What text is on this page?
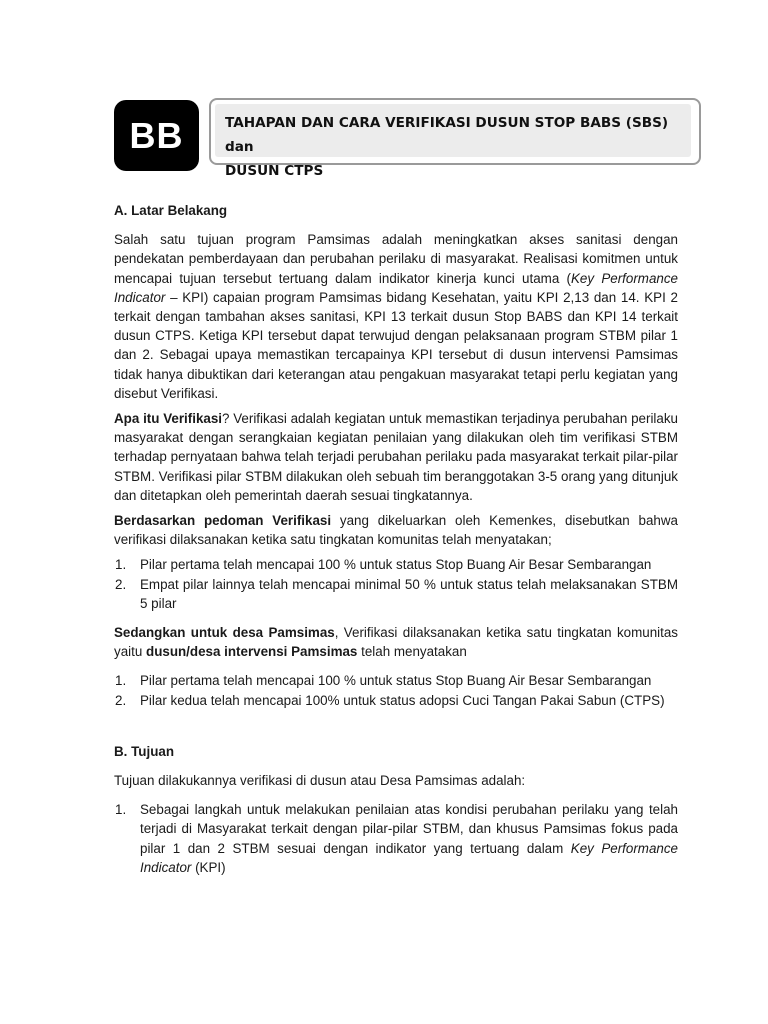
BB	TAHAPAN DAN CARA VERIFIKASI DUSUN STOP BABS (SBS) dan
DUSUN CTPS
A. Latar Belakang

Salah satu tujuan program Pamsimas adalah meningkatkan akses sanitasi dengan pendekatan pemberdayaan dan perubahan perilaku di masyarakat. Realisasi komitmen untuk mencapai tujuan tersebut tertuang dalam indikator kinerja kunci utama (Key Performance Indicator – KPI) capaian program Pamsimas bidang Kesehatan, yaitu KPI 2,13 dan 14. KPI 2 terkait dengan tambahan akses sanitasi, KPI 13 terkait dusun Stop BABS dan KPI 14 terkait dusun CTPS. Ketiga KPI tersebut dapat terwujud dengan pelaksanaan program STBM pilar 1 dan 2. Sebagai upaya memastikan tercapainya KPI tersebut di dusun intervensi Pamsimas tidak hanya dibuktikan dari keterangan atau pengakuan masyarakat tetapi perlu kegiatan yang disebut Verifikasi.

Apa itu Verifikasi? Verifikasi adalah kegiatan untuk memastikan terjadinya perubahan perilaku masyarakat dengan serangkaian kegiatan penilaian yang dilakukan oleh tim verifikasi STBM terhadap pernyataan bahwa telah terjadi perubahan perilaku pada masyarakat terkait pilar-pilar STBM. Verifikasi pilar STBM dilakukan oleh sebuah tim beranggotakan 3-5 orang yang ditunjuk dan ditetapkan oleh pemerintah daerah sesuai tingkatannya.

Berdasarkan pedoman Verifikasi yang dikeluarkan oleh Kemenkes, disebutkan bahwa verifikasi dilaksanakan ketika satu tingkatan komunitas telah menyatakan;

1. Pilar pertama telah mencapai 100 % untuk status Stop Buang Air Besar Sembarangan
2. Empat pilar lainnya telah mencapai minimal 50 % untuk status telah melaksanakan STBM 5 pilar

Sedangkan untuk desa Pamsimas, Verifikasi dilaksanakan ketika satu tingkatan komunitas yaitu dusun/desa intervensi Pamsimas telah menyatakan

1. Pilar pertama telah mencapai 100 % untuk status Stop Buang Air Besar Sembarangan
2. Pilar kedua telah mencapai 100% untuk status adopsi Cuci Tangan Pakai Sabun (CTPS)
B. Tujuan

Tujuan dilakukannya verifikasi di dusun atau Desa Pamsimas adalah:

1. Sebagai langkah untuk melakukan penilaian atas kondisi perubahan perilaku yang telah terjadi di Masyarakat terkait dengan pilar-pilar STBM, dan khusus Pamsimas fokus pada pilar 1 dan 2 STBM sesuai dengan indikator yang tertuang dalam Key Performance Indicator (KPI)
